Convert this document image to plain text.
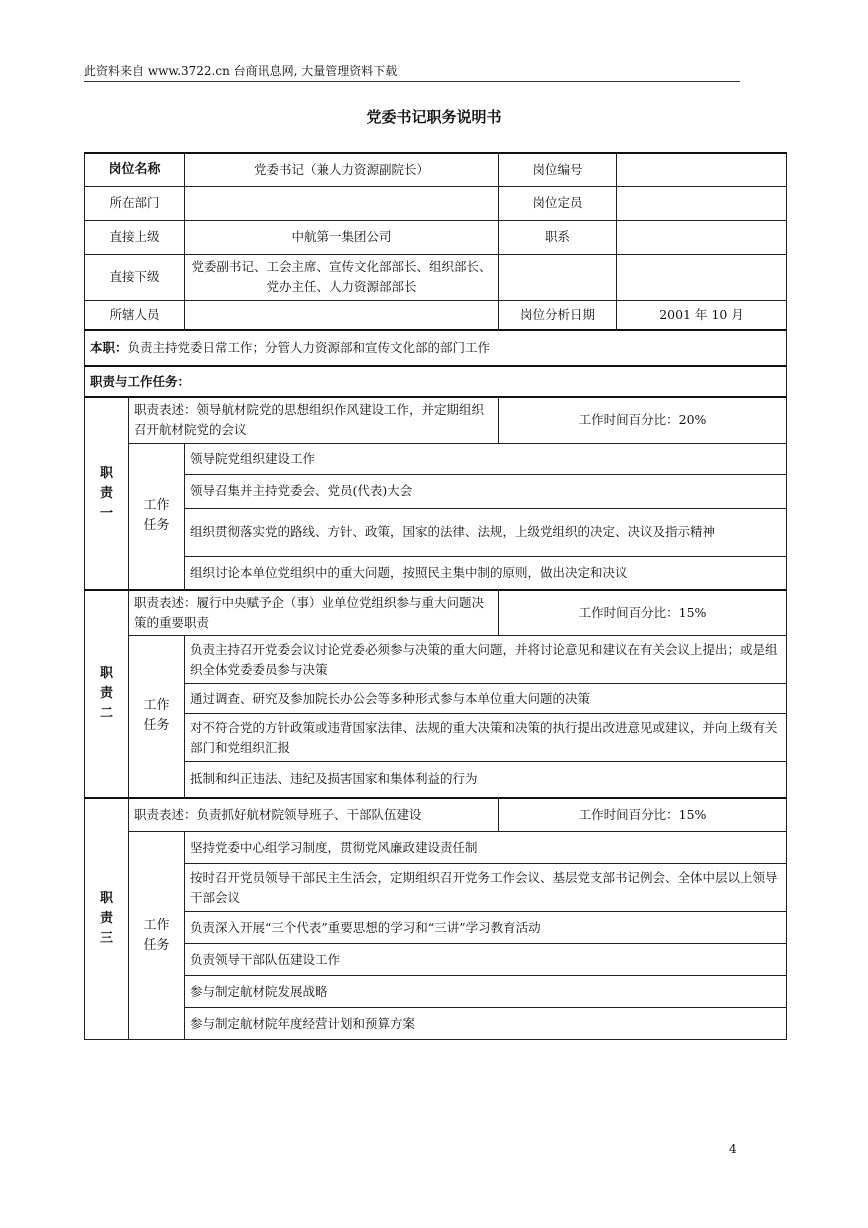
此资料来自 www.3722.cn 台商讯息网, 大量管理资料下载
党委书记职务说明书
岗位名称		党委书记（兼人力资源副院长）	岗位编号	
所在部门			岗位定员	
直接上级		中航第一集团公司	职系	
直接下级		党委副书记、工会主席、宣传文化部部长、组织部长、党办主任、人力资源部部长		
所辖人员			岗位分析日期	2001 年 10 月
本职：负责主持党委日常工作；分管人力资源部和宣传文化部的部门工作				
职责与工作任务：				
职
责
一	职责表述：领导航材院党的思想组织作风建设工作，并定期组织召开航材院党的会议		工作时间百分比：20%	
	工作
任务	领导院党组织建设工作		
		领导召集并主持党委会、党员(代表)大会		
		组织贯彻落实党的路线、方针、政策，国家的法律、法规，上级党组织的决定、决议及指示精神		
		组织讨论本单位党组织中的重大问题，按照民主集中制的原则，做出决定和决议		
职
责
二	职责表述：履行中央赋予企（事）业单位党组织参与重大问题决策的重要职责		工作时间百分比：15%	
	工作
任务	负责主持召开党委会议讨论党委必须参与决策的重大问题，并将讨论意见和建议在有关会议上提出；或是组织全体党委委员参与决策		
		通过调查、研究及参加院长办公会等多种形式参与本单位重大问题的决策		
		对不符合党的方针政策或违背国家法律、法规的重大决策和决策的执行提出改进意见或建议，并向上级有关部门和党组织汇报		
		抵制和纠正违法、违纪及损害国家和集体利益的行为		
职
责
三	职责表述：负责抓好航材院领导班子、干部队伍建设		工作时间百分比：15%	
	工作
任务	坚持党委中心组学习制度，贯彻党风廉政建设责任制		
		按时召开党员领导干部民主生活会，定期组织召开党务工作会议、基层党支部书记例会、全体中层以上领导干部会议		
		负责深入开展“三个代表”重要思想的学习和“三讲”学习教育活动		
		负责领导干部队伍建设工作		
		参与制定航材院发展战略		
		参与制定航材院年度经营计划和预算方案		
4
